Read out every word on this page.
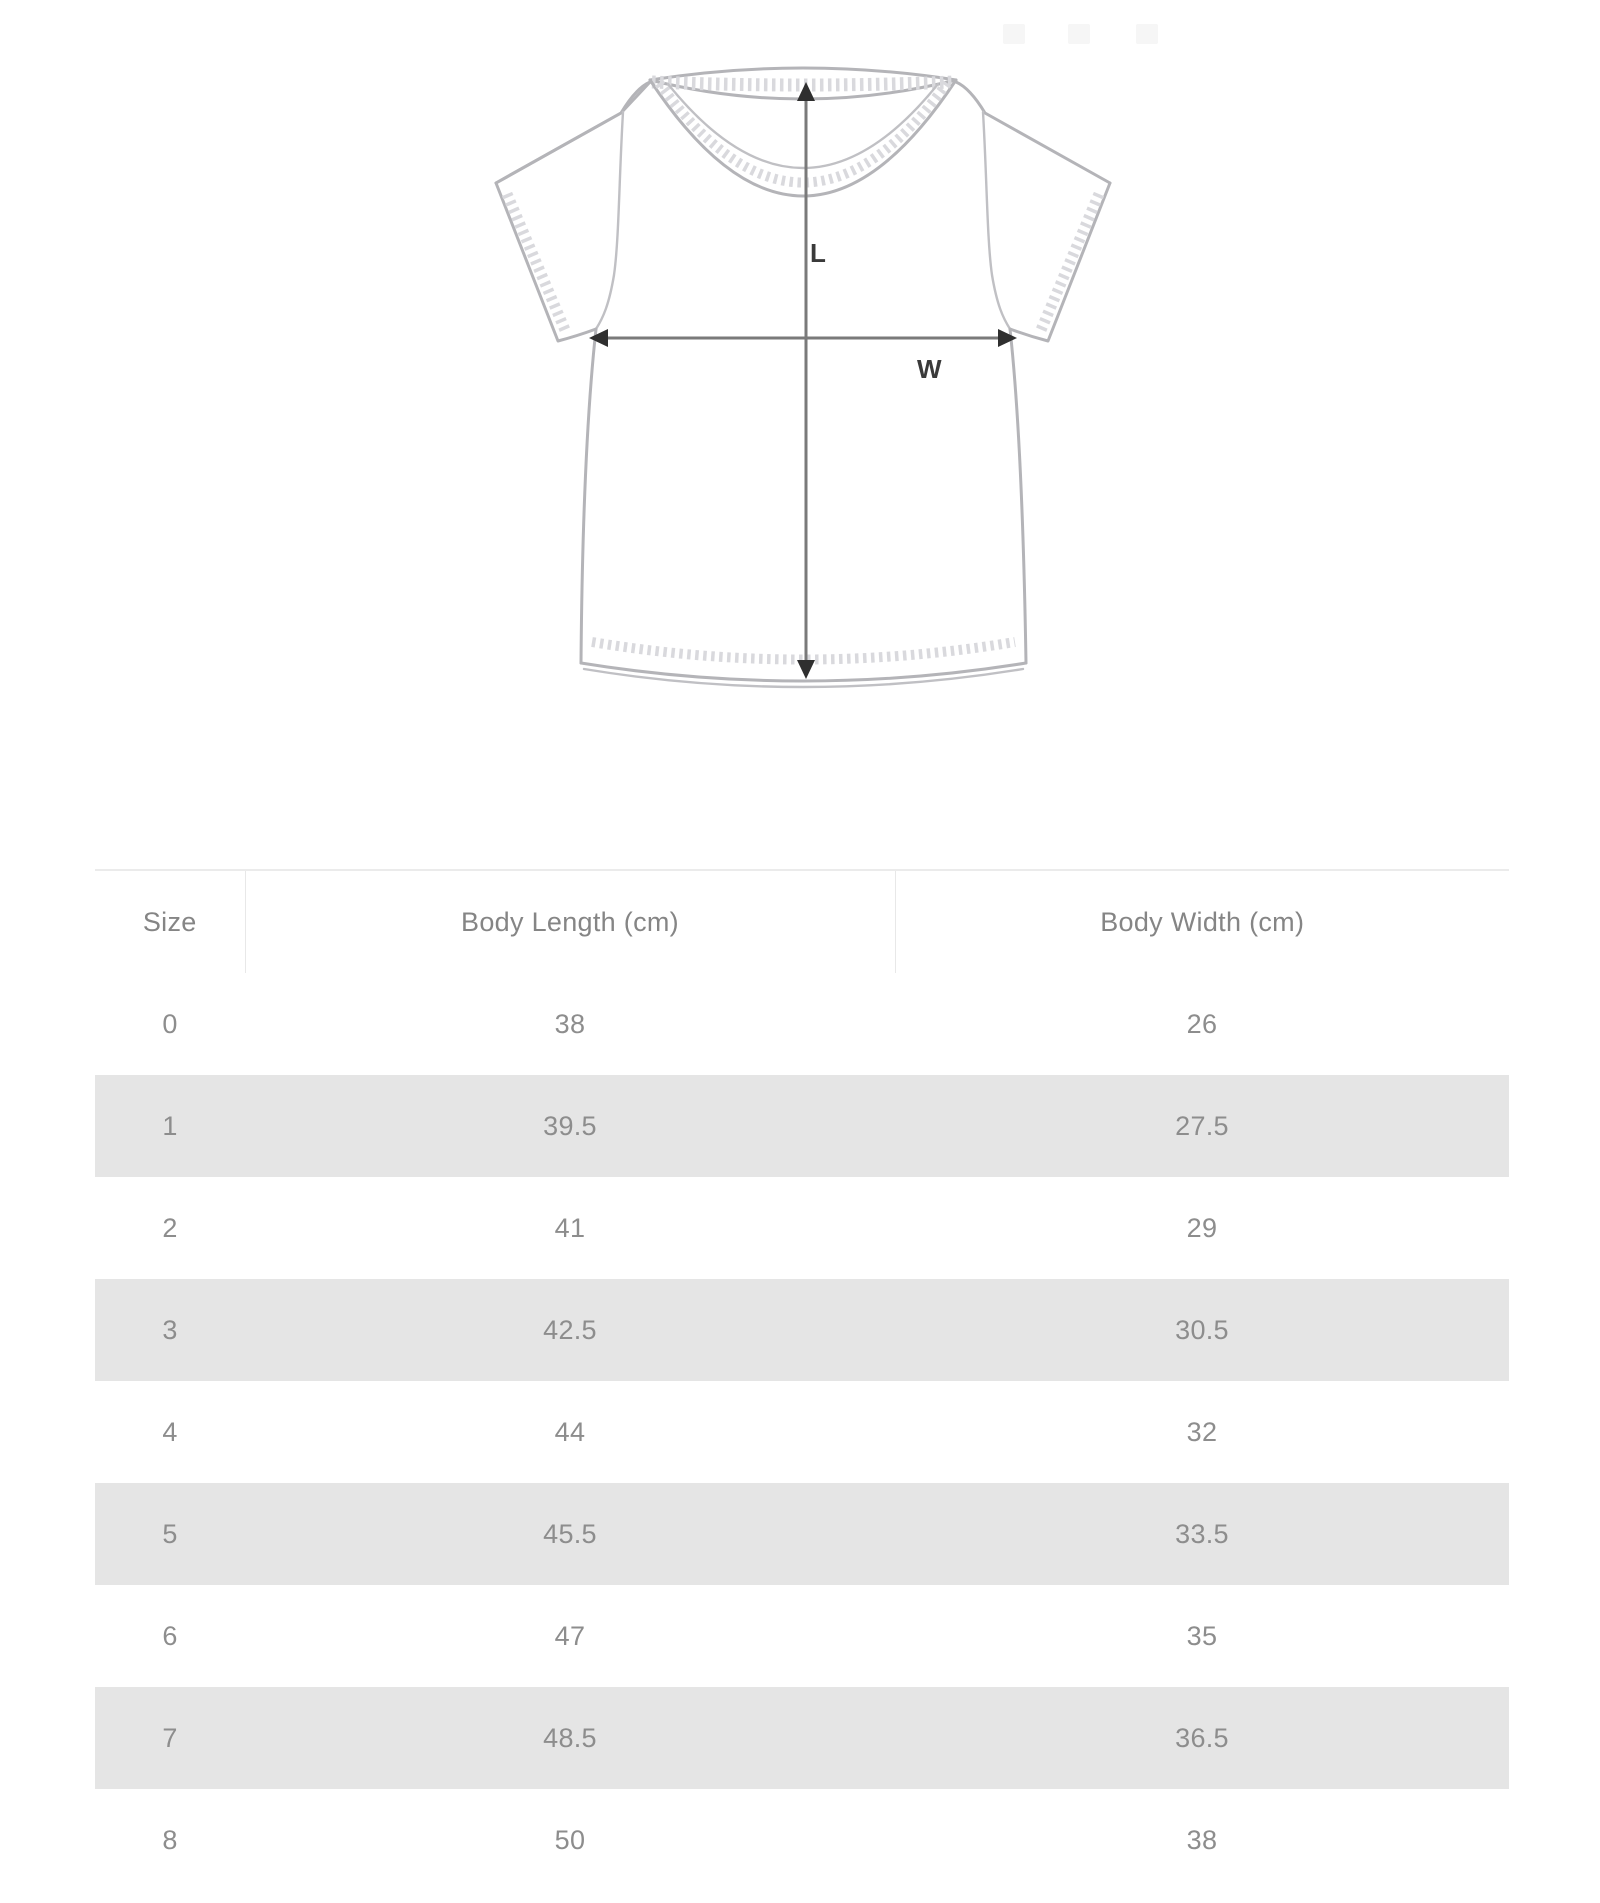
L
W
Size	Body Length (cm)	Body Width (cm)
0	38	26
1	39.5	27.5
2	41	29
3	42.5	30.5
4	44	32
5	45.5	33.5
6	47	35
7	48.5	36.5
8	50	38
